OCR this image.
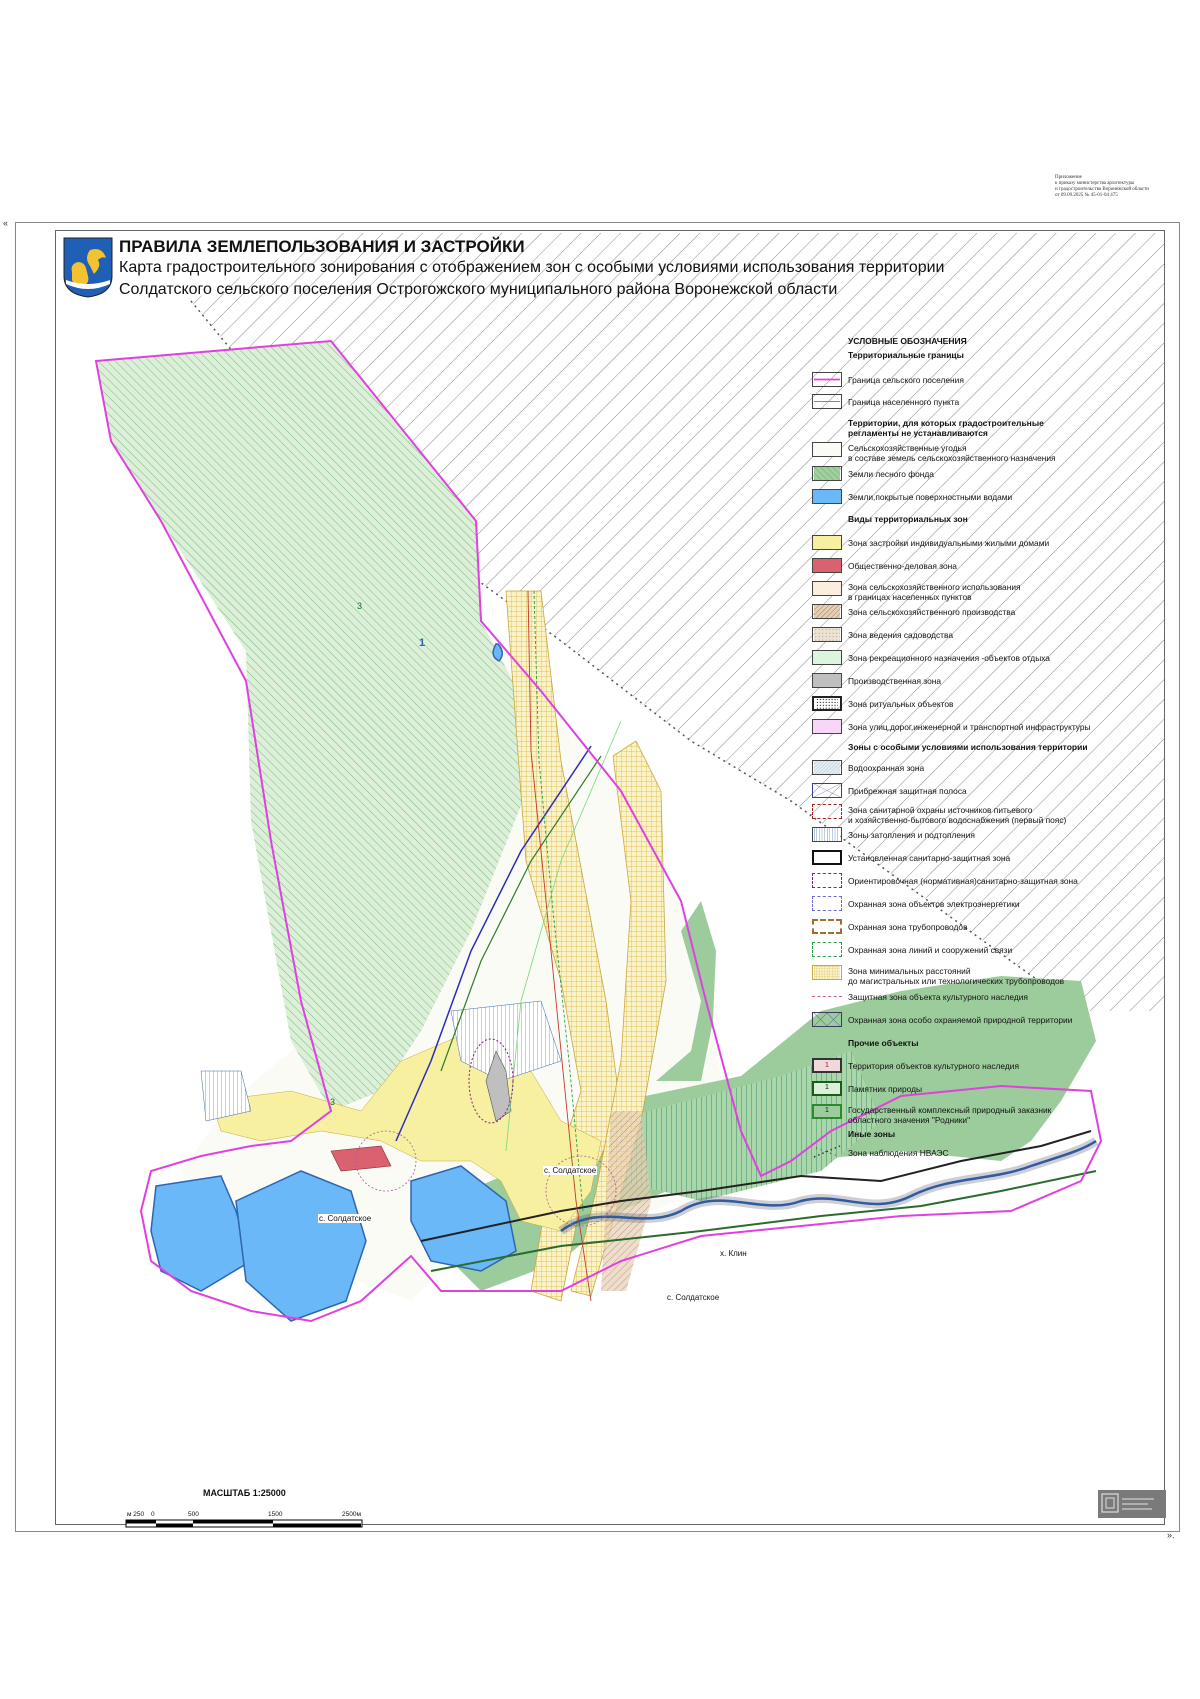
Приложение
к приказу министерства архитектуры
и градостроительства Воронежской области
от 09.09.2025 № 45-01-04 475
«
».
ПРАВИЛА ЗЕМЛЕПОЛЬЗОВАНИЯ И ЗАСТРОЙКИ
Карта градостроительного зонирования с отображением зон с особыми условиями использования территории
Солдатского сельского поселения Острогожского муниципального района Воронежской области
УСЛОВНЫЕ ОБОЗНАЧЕНИЯ
Территориальные границы
Граница сельского поселения
Граница населенного пункта
Территории, для которых градостроительные
регламенты не устанавливаются
Сельскохозяйственные угодья
в составе земель сельскохозяйственного назначения
Земли лесного фонда
Земли,покрытые поверхностными водами
Виды территориальных зон
Зона застройки индивидуальными жилыми домами
Общественно-деловая зона
Зона сельскохозяйственного использования
в границах населенных пунктов
Зона сельскохозяйственного производства
Зона ведения садоводства
Зона рекреационного назначения -объектов отдыха
Производственная зона
Зона ритуальных объектов
Зона улиц,дорог,инженерной и транспортной инфраструктуры
Зоны с особыми условиями использования территории
Водоохранная зона
Прибрежная защитная полоса
Зона санитарной охраны источников питьевого
и хозяйственно-бытового водоснабжения (первый пояс)
Зоны затопления и подтопления
Установленная санитарно-защитная зона
Ориентировочная (нормативная)санитарно-защитная зона
Охранная зона объектов электроэнергетики
Охранная зона трубопроводов
Охранная зона линий и сооружений связи
Зона минимальных расстояний
до магистральных или технологических трубопроводов
Защитная зона объекта культурного наследия
Охранная зона особо охраняемой природной территории
Прочие объекты
1	Территория объектов культурного наследия
1	Памятник природы
1	Государственный комплексный природный заказник
областного значения "Родники"
Иные зоны
Зона наблюдения НВАЭС
3
3
1
с. Солдатское
с. Солдатское
с. Солдатское
х. Клин
МАСШТАБ 1:25000
м 250 0	500	1500	2500м
